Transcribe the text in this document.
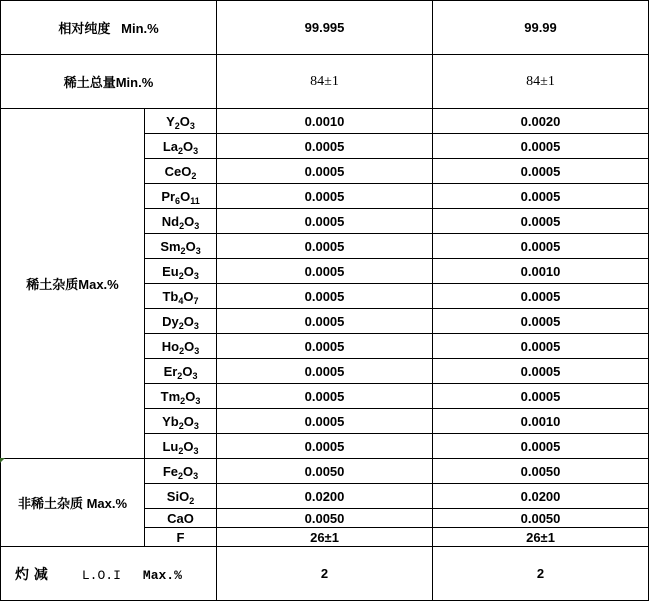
相对纯度   Min.%		99.995	99.99
稀土总量Min.%		84±1	84±1
稀土杂质Max.%	$Y_2O_3$	0.0010	0.0020
	$La_2O_3$	0.0005	0.0005
	CeO$_2$	0.0005	0.0005
	$Pr_6O_{11}$	0.0005	0.0005
	$Nd_2O_3$	0.0005	0.0005
	$Sm_2O_3$	0.0005	0.0005
	$Eu_2O_3$	0.0005	0.0010
	$Tb_4O_7$	0.0005	0.0005
	$Dy_2O_3$	0.0005	0.0005
	$Ho_2O_3$	0.0005	0.0005
	$Er_2O_3$	0.0005	0.0005
	$Tm_2O_3$	0.0005	0.0005
	$Yb_2O_3$	0.0005	0.0010
	$Lu_2O_3$	0.0005	0.0005
非稀土杂质 Max.%	$Fe_2O_3$	0.0050	0.0050
	SiO$_2$	0.0200	0.0200
	CaO	0.0050	0.0050
	F	26±1	26±1
灼 减 L.O.I Max.%		2	2
